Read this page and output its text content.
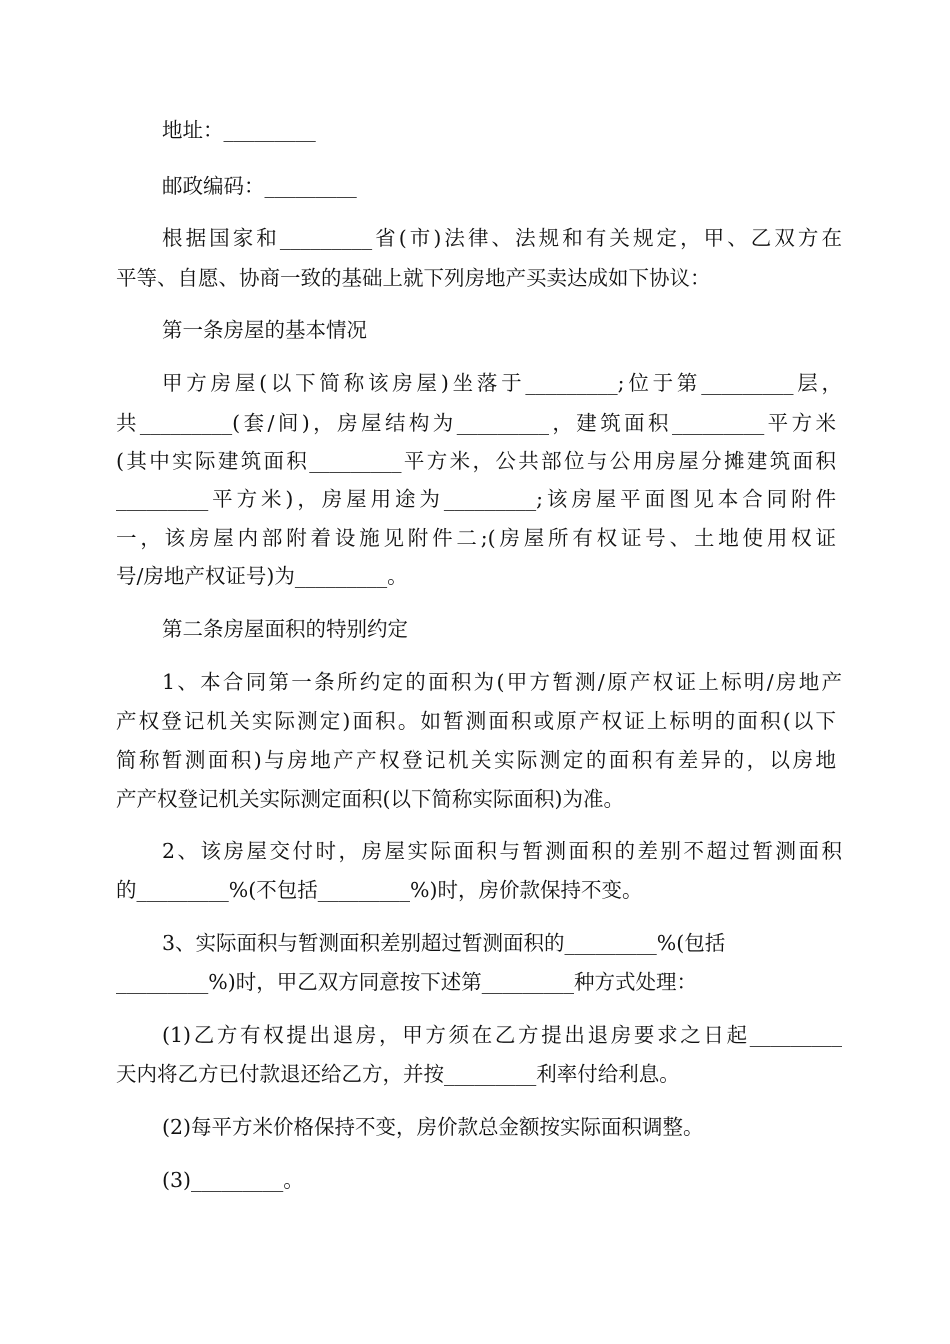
地址：_________
邮政编码：_________
根据国家和_________省(市)法律、法规和有关规定，甲、乙双方在
平等、自愿、协商一致的基础上就下列房地产买卖达成如下协议：
第一条房屋的基本情况
甲方房屋(以下简称该房屋)坐落于_________;位于第_________层，
共_________(套/间)，房屋结构为_________，建筑面积_________平方米
(其中实际建筑面积_________平方米，公共部位与公用房屋分摊建筑面积
_________平方米)，房屋用途为_________;该房屋平面图见本合同附件
一，该房屋内部附着设施见附件二;(房屋所有权证号、土地使用权证
号/房地产权证号)为_________。
第二条房屋面积的特别约定
1、本合同第一条所约定的面积为(甲方暂测/原产权证上标明/房地产
产权登记机关实际测定)面积。如暂测面积或原产权证上标明的面积(以下
简称暂测面积)与房地产产权登记机关实际测定的面积有差异的，以房地
产产权登记机关实际测定面积(以下简称实际面积)为准。
2、该房屋交付时，房屋实际面积与暂测面积的差别不超过暂测面积
的_________%(不包括_________%)时，房价款保持不变。
3、实际面积与暂测面积差别超过暂测面积的_________%(包括
_________%)时，甲乙双方同意按下述第_________种方式处理：
(1)乙方有权提出退房，甲方须在乙方提出退房要求之日起_________
天内将乙方已付款退还给乙方，并按_________利率付给利息。
(2)每平方米价格保持不变，房价款总金额按实际面积调整。
(3)_________。
